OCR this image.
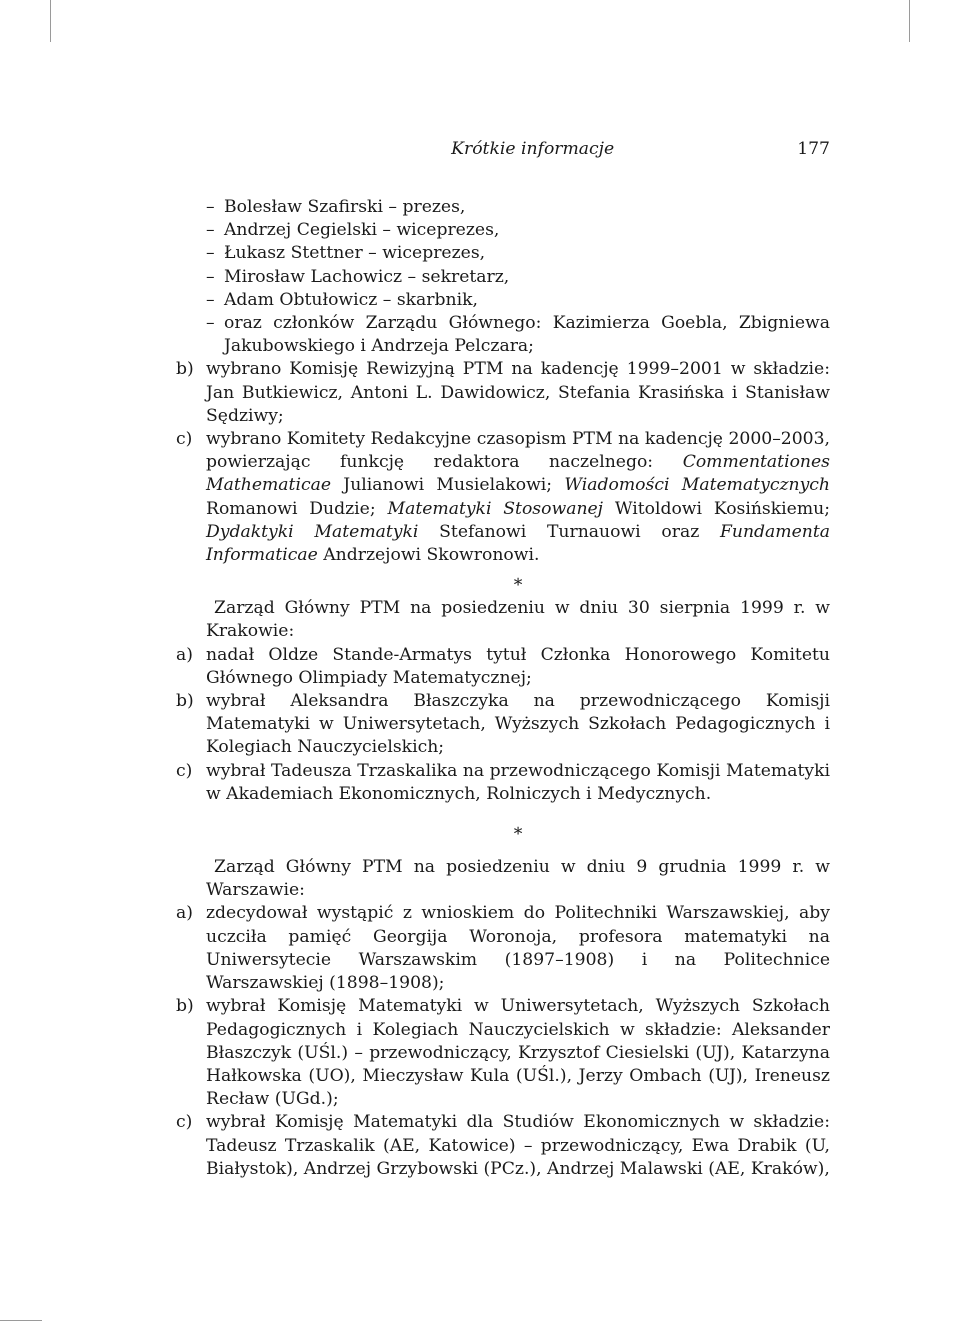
Krótkie informacje	177
– Bolesław Szafirski – prezes,
– Andrzej Cegielski – wiceprezes,
– Łukasz Stettner – wiceprezes,
– Mirosław Lachowicz – sekretarz,
– Adam Obtułowicz – skarbnik,
– oraz członków Zarządu Głównego: Kazimierza Goebla, Zbigniewa Jakubowskiego i Andrzeja Pelczara;

b) wybrano Komisję Rewizyjną PTM na kadencję 1999–2001 w składzie: Jan Butkiewicz, Antoni L. Dawidowicz, Stefania Krasińska i Stanisław Sędziwy;

c) wybrano Komitety Redakcyjne czasopism PTM na kadencję 2000–2003, powierzając funkcję redaktora naczelnego: Commentationes Mathematicae Julianowi Musielakowi; Wiadomości Matematycznych Romanowi Dudzie; Matematyki Stosowanej Witoldowi Kosińskiemu; Dydaktyki Matematyki Stefanowi Turnauowi oraz Fundamenta Informaticae Andrzejowi Skowronowi.

∗

Zarząd Główny PTM na posiedzeniu w dniu 30 sierpnia 1999 r. w Krakowie:

a) nadał Oldze Stande-Armatys tytuł Członka Honorowego Komitetu Głównego Olimpiady Matematycznej;

b) wybrał Aleksandra Błaszczyka na przewodniczącego Komisji Matematyki w Uniwersytetach, Wyższych Szkołach Pedagogicznych i Kolegiach Nauczycielskich;

c) wybrał Tadeusza Trzaskalika na przewodniczącego Komisji Matematyki w Akademiach Ekonomicznych, Rolniczych i Medycznych.

∗

Zarząd Główny PTM na posiedzeniu w dniu 9 grudnia 1999 r. w Warszawie:

a) zdecydował wystąpić z wnioskiem do Politechniki Warszawskiej, aby uczciła pamięć Georgija Woronoja, profesora matematyki na Uniwersytecie Warszawskim (1897–1908) i na Politechnice Warszawskiej (1898–1908);

b) wybrał Komisję Matematyki w Uniwersytetach, Wyższych Szkołach Pedagogicznych i Kolegiach Nauczycielskich w składzie: Aleksander Błaszczyk (UŚl.) – przewodniczący, Krzysztof Ciesielski (UJ), Katarzyna Hałkowska (UO), Mieczysław Kula (UŚl.), Jerzy Ombach (UJ), Ireneusz Recław (UGd.);

c) wybrał Komisję Matematyki dla Studiów Ekonomicznych w składzie: Tadeusz Trzaskalik (AE, Katowice) – przewodniczący, Ewa Drabik (U, Białystok), Andrzej Grzybowski (PCz.), Andrzej Malawski (AE, Kraków),
